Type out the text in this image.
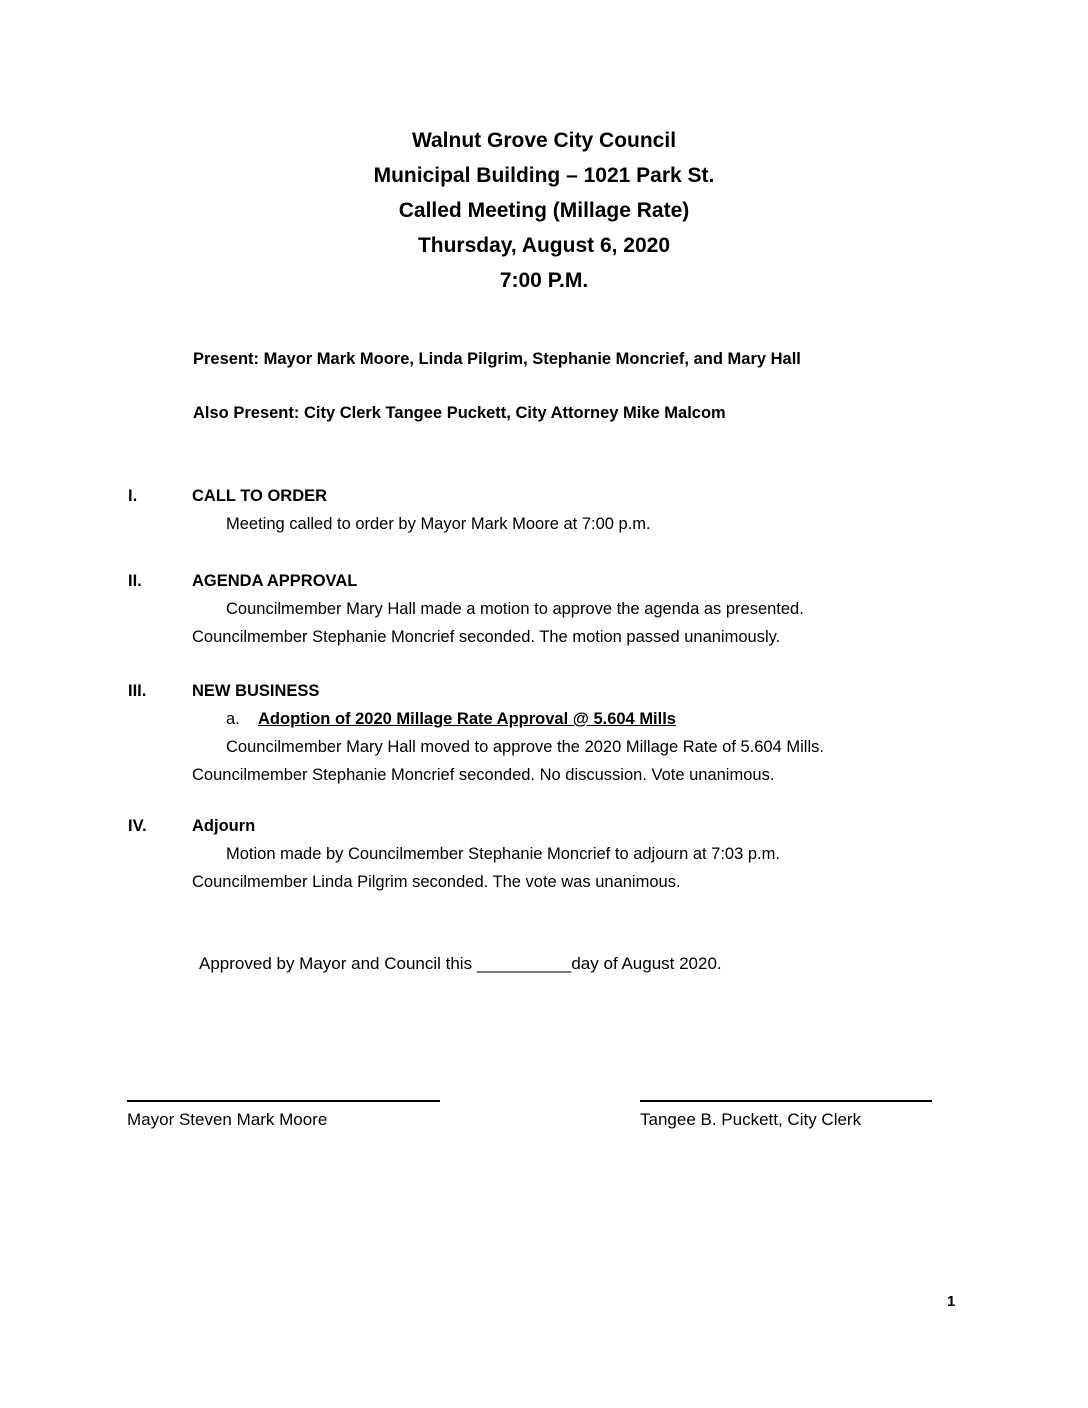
Walnut Grove City Council
Municipal Building – 1021 Park St.
Called Meeting (Millage Rate)
Thursday, August 6, 2020
7:00 P.M.

Present: Mayor Mark Moore, Linda Pilgrim, Stephanie Moncrief, and Mary Hall

Also Present: City Clerk Tangee Puckett, City Attorney Mike Malcom

I.	CALL TO ORDER

Meeting called to order by Mayor Mark Moore at 7:00 p.m.

II.	AGENDA APPROVAL

Councilmember Mary Hall made a motion to approve the agenda as presented. Councilmember Stephanie Moncrief seconded. The motion passed unanimously.

III.	NEW BUSINESS
a. Adoption of 2020 Millage Rate Approval @ 5.604 Mills

Councilmember Mary Hall moved to approve the 2020 Millage Rate of 5.604 Mills. Councilmember Stephanie Moncrief seconded. No discussion. Vote unanimous.

IV.	Adjourn

Motion made by Councilmember Stephanie Moncrief to adjourn at 7:03 p.m. Councilmember Linda Pilgrim seconded. The vote was unanimous.

Approved by Mayor and Council this __________day of August 2020.

Mayor Steven Mark Moore	Tangee B. Puckett, City Clerk
1
